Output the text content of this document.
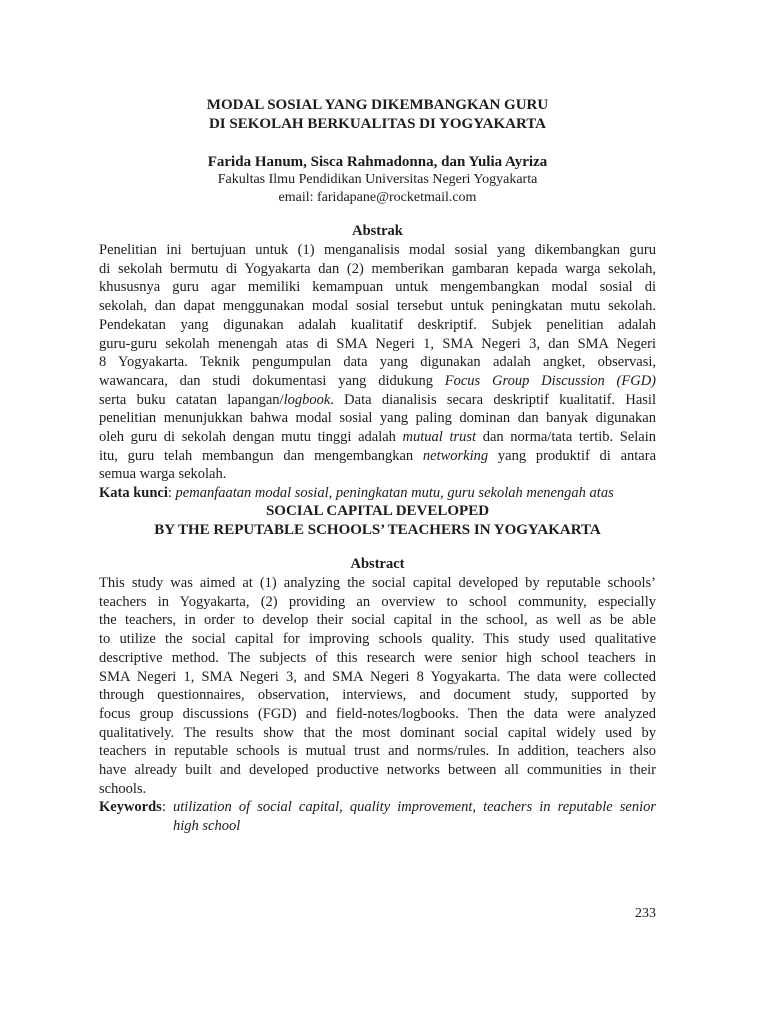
MODAL SOSIAL YANG DIKEMBANGKAN GURU
DI SEKOLAH BERKUALITAS DI YOGYAKARTA
Farida Hanum, Sisca Rahmadonna, dan Yulia Ayriza
Fakultas Ilmu Pendidikan Universitas Negeri Yogyakarta
email: faridapane@rocketmail.com
Abstrak
Penelitian ini bertujuan untuk (1) menganalisis modal sosial yang dikembangkan guru
di sekolah bermutu di Yogyakarta dan (2) memberikan gambaran kepada warga sekolah,
khususnya guru agar memiliki kemampuan untuk mengembangkan modal sosial di
sekolah, dan dapat menggunakan modal sosial tersebut untuk peningkatan mutu sekolah.
Pendekatan yang digunakan adalah kualitatif deskriptif. Subjek penelitian adalah
guru-guru sekolah menengah atas di SMA Negeri 1, SMA Negeri 3, dan SMA Negeri
8 Yogyakarta. Teknik pengumpulan data yang digunakan adalah angket, observasi,
wawancara, dan studi dokumentasi yang didukung Focus Group Discussion (FGD)
serta buku catatan lapangan/logbook. Data dianalisis secara deskriptif kualitatif. Hasil
penelitian menunjukkan bahwa modal sosial yang paling dominan dan banyak digunakan
oleh guru di sekolah dengan mutu tinggi adalah mutual trust dan norma/tata tertib. Selain
itu, guru telah membangun dan mengembangkan networking yang produktif di antara
semua warga sekolah.
Kata kunci: pemanfaatan modal sosial, peningkatan mutu, guru sekolah menengah atas
SOCIAL CAPITAL DEVELOPED
BY THE REPUTABLE SCHOOLS’ TEACHERS IN YOGYAKARTA
Abstract
This study was aimed at (1) analyzing the social capital developed by reputable schools’
teachers in Yogyakarta, (2) providing an overview to school community, especially
the teachers, in order to develop their social capital in the school, as well as be able
to utilize the social capital for improving schools quality. This study used qualitative
descriptive method. The subjects of this research were senior high school teachers in
SMA Negeri 1, SMA Negeri 3, and SMA Negeri 8 Yogyakarta. The data were collected
through questionnaires, observation, interviews, and document study, supported by
focus group discussions (FGD) and field-notes/logbooks. Then the data were analyzed
qualitatively. The results show that the most dominant social capital widely used by
teachers in reputable schools is mutual trust and norms/rules. In addition, teachers also
have already built and developed productive networks between all communities in their
schools.
Keywords: utilization of social capital, quality improvement, teachers in reputable senior
high school
233
